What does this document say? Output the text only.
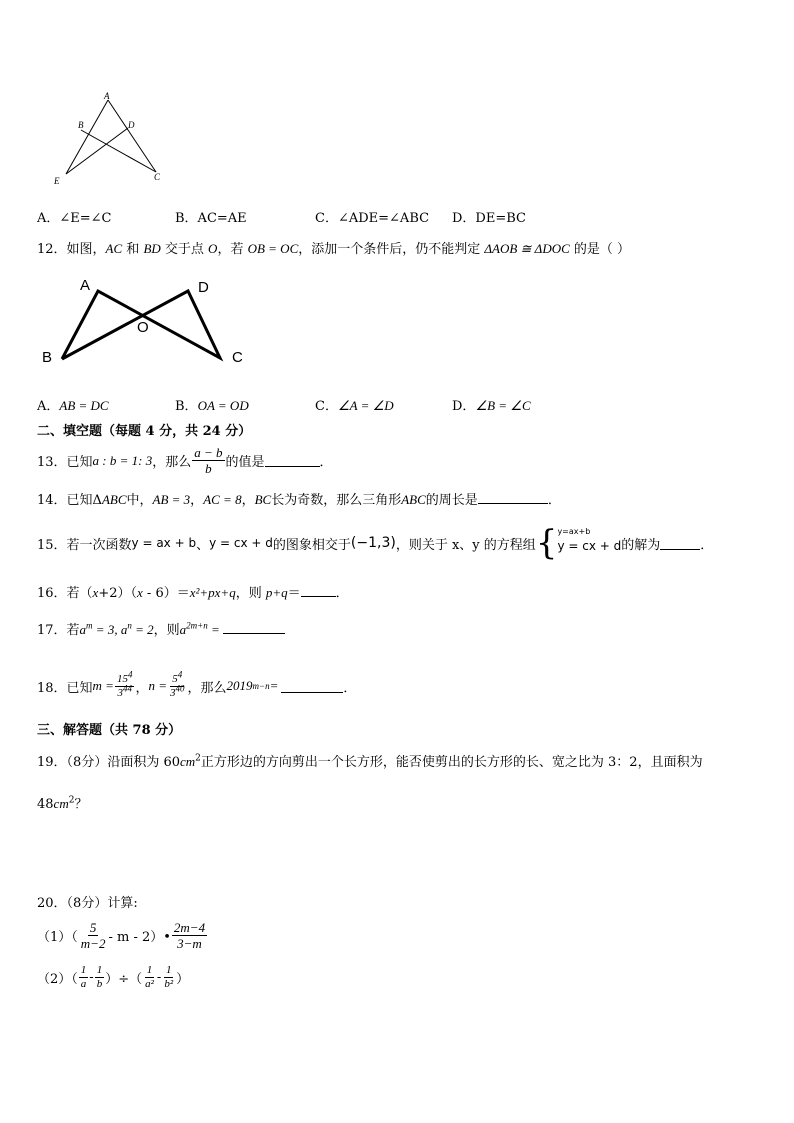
A
B	D
E	C
A．∠E=∠C	B．AC=AE	C．∠ADE=∠ABC D．DE=BC
12．如图，AC 和 BD 交于点 O，若 OB = OC，添加一个条件后，仍不能判定 ΔAOB ≅ ΔDOC 的是（ ）
A	D
O
B	C
A．AB = DC	B．OA = OD	C．∠A = ∠D	D．∠B = ∠C
二、填空题（每题 4 分，共 24 分）
13．已知 a : b = 1: 3 ，那么 $\frac{a - b}{b}$ 的值是	．
14．已知ΔABC中，AB = 3，AC = 8，BC长为奇数，那么三角形ABC的周长是	．
15．若一次函数 y = ax + b 、 y = cx + d 的图象相交于 (−1,3) ，则关于 x、y 的方程组 { y=ax+b
y = cx + d 的解为	．
16．若（x+2）（x - 6）＝x²+px+q，则 p+q＝	．
17．若$a^m = 3$, $a^n = 2$，则$a^{2m+n}$ =
18．已知 $m = \frac{15^4}{3^{44}}$ ， $n = \frac{5^4}{3^{40}}$ ，那么 2019 m−n =	．
三、解答题（共 78 分）
19．（8分）沿面积为 $60cm^2$正方形边的方向剪出一个长方形，能否使剪出的长方形的长、宽之比为 3：2，且面积为
$48cm^2$？
20．（8分）计算:
$(1)( \frac{5}{m-2}$ - m - 2）• $\frac{2m-4}{3-m}$
$(2)( \frac{1}{a} - \frac{1}{b}$ ）÷（ $\frac{1}{\text{a²}} - \frac{1}{\text{b²}}$ ）
